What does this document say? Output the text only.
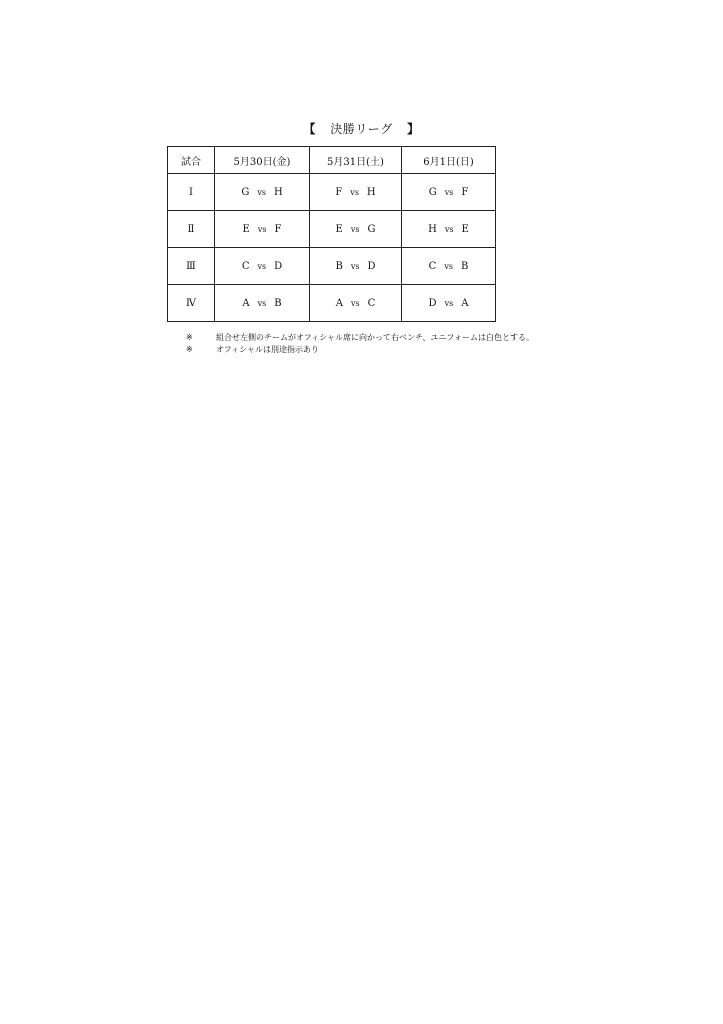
【 決勝リーグ 】
試合	5月30日(金)	5月31日(土)	6月1日(日)
Ⅰ	G vs H	F vs H	G vs F
Ⅱ	E vs F	E vs G	H vs E
Ⅲ	C vs D	B vs D	C vs B
Ⅳ	A vs B	A vs C	D vs A
※	組合せ左側のチームがオフィシャル席に向かって右ベンチ、ユニフォームは白色とする。
※	オフィシャルは別途指示あり
